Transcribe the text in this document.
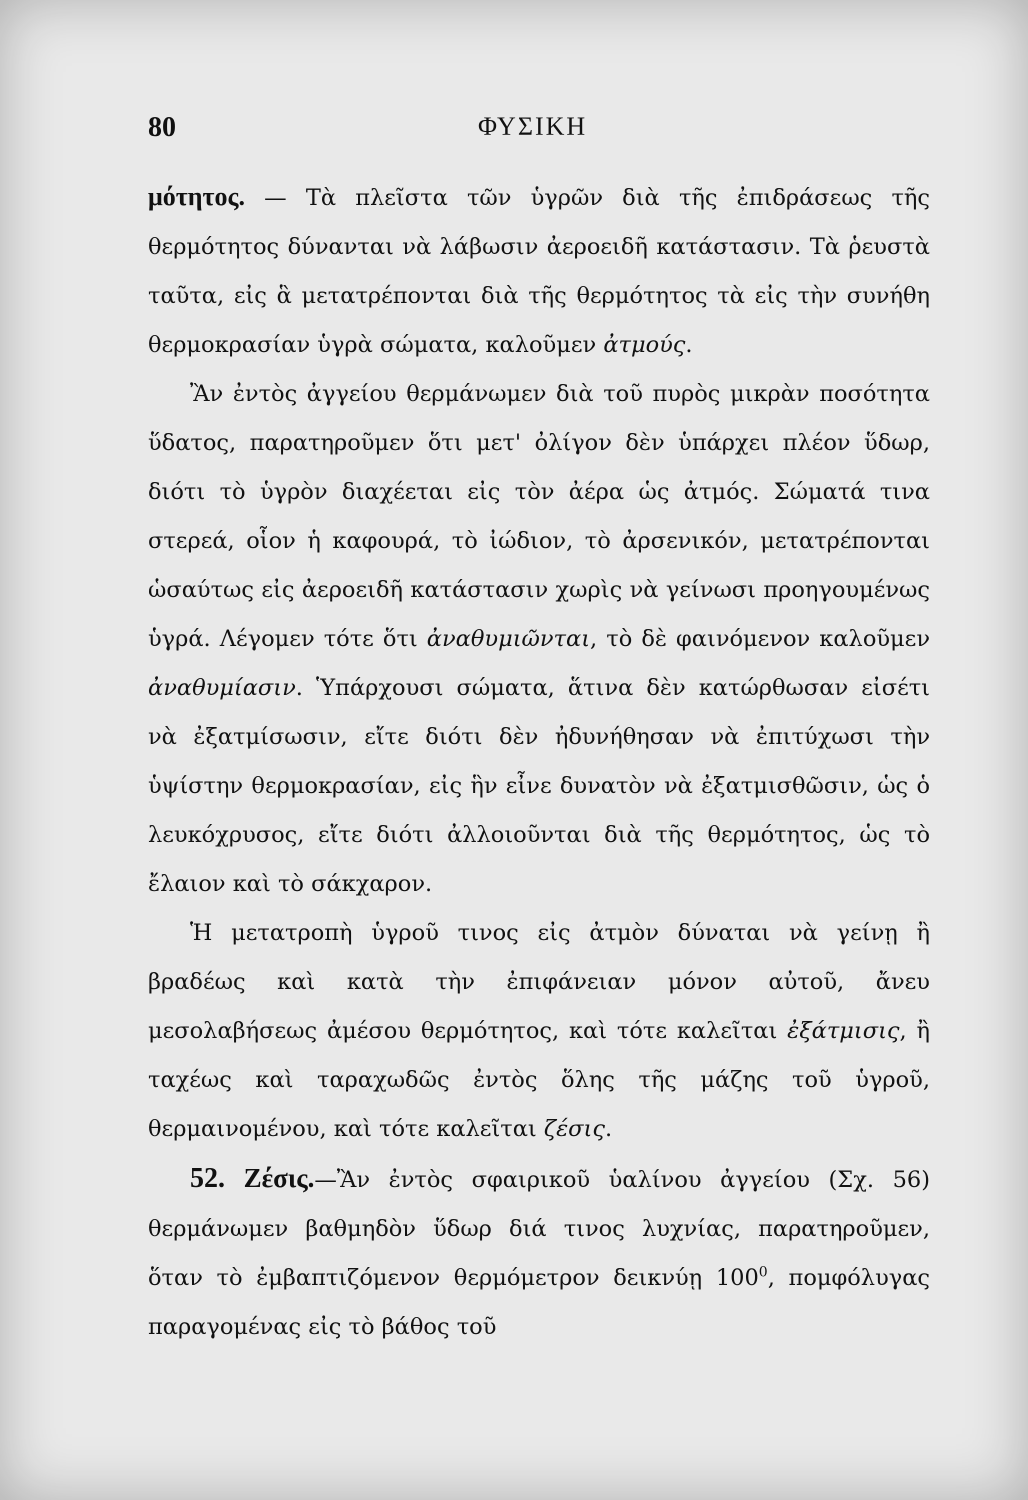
80	ΦΥΣΙΚΗ

μότητος. — Τὰ πλεῖστα τῶν ὑγρῶν διὰ τῆς ἐπιδράσεως τῆς θερμότητος δύνανται νὰ λάβωσιν ἀεροειδῆ κατάστασιν. Τὰ ῥευστὰ ταῦτα, εἰς ἃ μετατρέπονται διὰ τῆς θερμότητος τὰ εἰς τὴν συνήθη θερμοκρασίαν ὑγρὰ σώματα, καλοῦμεν ἀτμούς.

Ἂν ἐντὸς ἀγγείου θερμάνωμεν διὰ τοῦ πυρὸς μικρὰν ποσότητα ὕδατος, παρατηροῦμεν ὅτι μετ' ὀλίγον δὲν ὑπάρχει πλέον ὕδωρ, διότι τὸ ὑγρὸν διαχέεται εἰς τὸν ἀέρα ὡς ἀτμός. Σώματά τινα στερεά, οἷον ἡ καφουρά, τὸ ἰώδιον, τὸ ἀρσενικόν, μετατρέπονται ὡσαύτως εἰς ἀεροειδῆ κατάστασιν χωρὶς νὰ γείνωσι προηγουμένως ὑγρά. Λέγομεν τότε ὅτι ἀναθυμιῶνται, τὸ δὲ φαινόμενον καλοῦμεν ἀναθυμίασιν. Ὑπάρχουσι σώματα, ἅτινα δὲν κατώρθωσαν εἰσέτι νὰ ἐξατμίσωσιν, εἴτε διότι δὲν ἠδυνήθησαν νὰ ἐπιτύχωσι τὴν ὑψίστην θερμοκρασίαν, εἰς ἣν εἶνε δυνατὸν νὰ ἐξατμισθῶσιν, ὡς ὁ λευκόχρυσος, εἴτε διότι ἀλλοιοῦνται διὰ τῆς θερμότητος, ὡς τὸ ἔλαιον καὶ τὸ σάκχαρον.

Ἡ μετατροπὴ ὑγροῦ τινος εἰς ἀτμὸν δύναται νὰ γείνῃ ἢ βραδέως καὶ κατὰ τὴν ἐπιφάνειαν μόνον αὐτοῦ, ἄνευ μεσολαβήσεως ἀμέσου θερμότητος, καὶ τότε καλεῖται ἐξάτμισις, ἢ ταχέως καὶ ταραχωδῶς ἐντὸς ὅλης τῆς μάζης τοῦ ὑγροῦ, θερμαινομένου, καὶ τότε καλεῖται ζέσις.

52. Ζέσις.—Ἂν ἐντὸς σφαιρικοῦ ὑαλίνου ἀγγείου (Σχ. 56) θερμάνωμεν βαθμηδὸν ὕδωρ διά τινος λυχνίας, παρατηροῦμεν, ὅταν τὸ ἐμβαπτιζόμενον θερμόμετρον δεικνύῃ $100^0$, πομφόλυγας παραγομένας εἰς τὸ βάθος τοῦ
